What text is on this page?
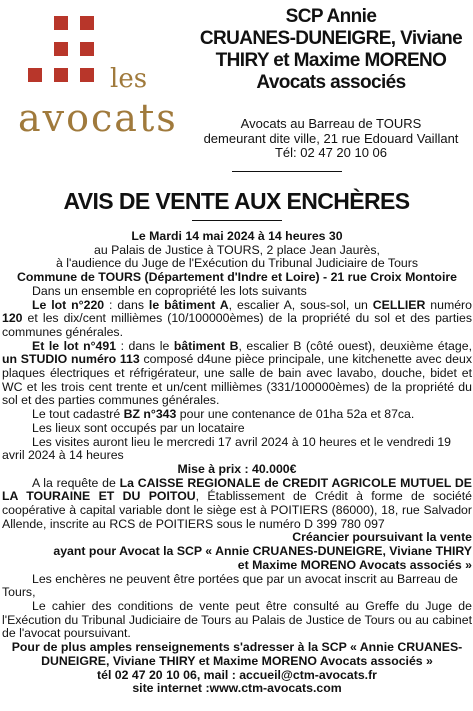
les
avocats
SCP Annie
CRUANES-DUNEIGRE, Viviane
THIRY et Maxime MORENO
Avocats associés
Avocats au Barreau de TOURS
demeurant dite ville, 21 rue Edouard Vaillant
Tél: 02 47 20 10 06
AVIS DE VENTE AUX ENCHÈRES

Le Mardi 14 mai 2024 à 14 heures 30

au Palais de Justice à TOURS, 2 place Jean Jaurès,

à l'audience du Juge de l'Exécution du Tribunal Judiciaire de Tours

Commune de TOURS (Département d'Indre et Loire) - 21 rue Croix Montoire

Dans un ensemble en copropriété les lots suivants

Le lot n°220 : dans le bâtiment A, escalier A, sous-sol, un CELLIER numéro 120 et les dix/cent millièmes (10/100000èmes) de la propriété du sol et des parties communes générales.

Et le lot n°491 : dans le bâtiment B, escalier B (côté ouest), deuxième étage, un STUDIO numéro 113 composé d4une pièce principale, une kitchenette avec deux plaques électriques et réfrigérateur, une salle de bain avec lavabo, douche, bidet et WC et les trois cent trente et un/cent millièmes (331/100000èmes) de la propriété du sol et des parties communes générales.

Le tout cadastré BZ n°343 pour une contenance de 01ha 52a et 87ca.

Les lieux sont occupés par un locataire

Les visites auront lieu le mercredi 17 avril 2024 à 10 heures et le vendredi 19 avril 2024 à 14 heures

Mise à prix : 40.000€

A la requête de La CAISSE REGIONALE de CREDIT AGRICOLE MUTUEL DE LA TOURAINE ET DU POITOU, Établissement de Crédit à forme de société coopérative à capital variable dont le siège est à POITIERS (86000), 18, rue Salvador Allende, inscrite au RCS de POITIERS sous le numéro D 399 780 097

Créancier poursuivant la vente

ayant pour Avocat la SCP « Annie CRUANES-DUNEIGRE, Viviane THIRY

et Maxime MORENO Avocats associés »

Les enchères ne peuvent être portées que par un avocat inscrit au Barreau de Tours,

Le cahier des conditions de vente peut être consulté au Greffe du Juge de l'Exécution du Tribunal Judiciaire de Tours au Palais de Justice de Tours ou au cabinet de l'avocat poursuivant.

Pour de plus amples renseignements s'adresser à la SCP « Annie CRUANES-DUNEIGRE, Viviane THIRY et Maxime MORENO Avocats associés »

tél 02 47 20 10 06, mail : accueil@ctm-avocats.fr

site internet :www.ctm-avocats.com
